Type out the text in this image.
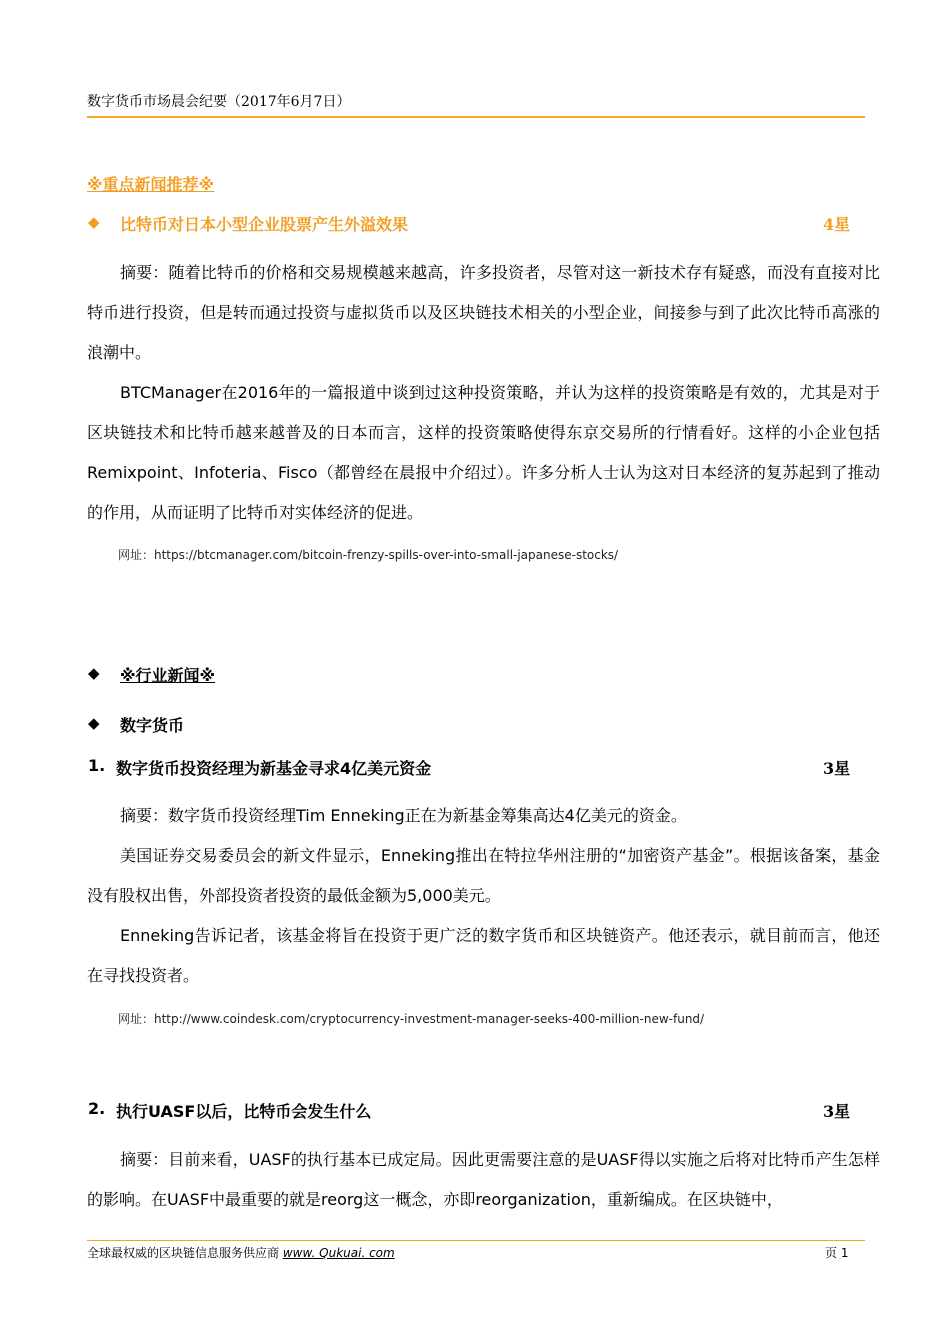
数字货币市场晨会纪要（2017年6月7日）
※重点新闻推荐※
◆ 比特币对日本小型企业股票产生外溢效果	4星
摘要：随着比特币的价格和交易规模越来越高，许多投资者，尽管对这一新技术存有疑惑，而没有直接对比特币进行投资，但是转而通过投资与虚拟货币以及区块链技术相关的小型企业，间接参与到了此次比特币高涨的浪潮中。
BTCManager在2016年的一篇报道中谈到过这种投资策略，并认为这样的投资策略是有效的，尤其是对于区块链技术和比特币越来越普及的日本而言，这样的投资策略使得东京交易所的行情看好。这样的小企业包括Remixpoint、Infoteria、Fisco（都曾经在晨报中介绍过）。许多分析人士认为这对日本经济的复苏起到了推动的作用，从而证明了比特币对实体经济的促进。
网址：https://btcmanager.com/bitcoin-frenzy-spills-over-into-small-japanese-stocks/
◆ ※行业新闻※
◆ 数字货币
1. 数字货币投资经理为新基金寻求4亿美元资金	3星
摘要：数字货币投资经理Tim Enneking正在为新基金筹集高达4亿美元的资金。
美国证券交易委员会的新文件显示，Enneking推出在特拉华州注册的“加密资产基金”。根据该备案，基金没有股权出售，外部投资者投资的最低金额为5,000美元。
Enneking告诉记者，该基金将旨在投资于更广泛的数字货币和区块链资产。他还表示，就目前而言，他还在寻找投资者。
网址：http://www.coindesk.com/cryptocurrency-investment-manager-seeks-400-million-new-fund/
2. 执行UASF以后，比特币会发生什么	3星
摘要：目前来看，UASF的执行基本已成定局。因此更需要注意的是UASF得以实施之后将对比特币产生怎样的影响。在UASF中最重要的就是reorg这一概念，亦即reorganization，重新编成。在区块链中，
全球最权威的区块链信息服务供应商 www. Qukuai. com	页 1
